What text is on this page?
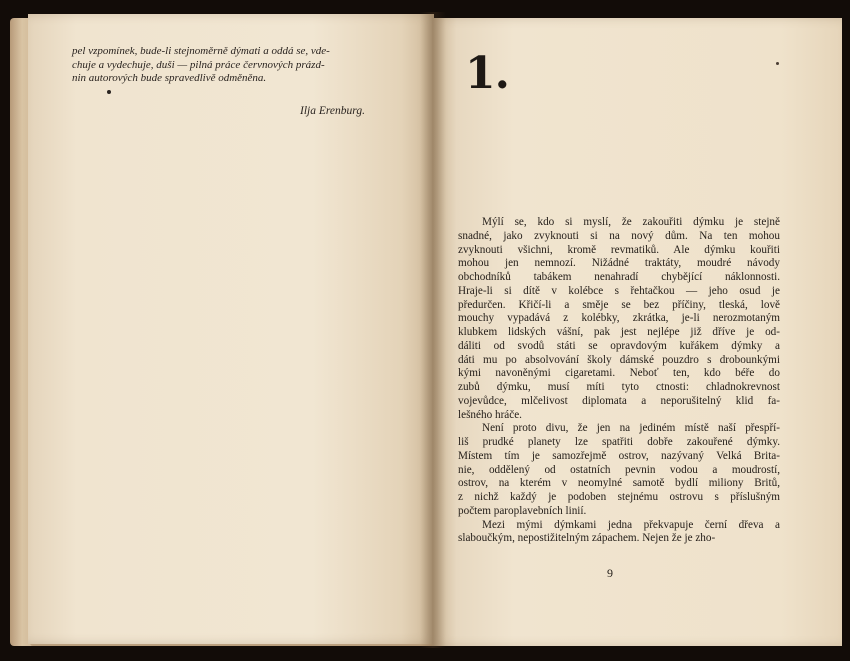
pel vzpomínek, bude-li stejnoměrně dýmati a oddá se, vde-
chuje a vydechuje, duši — pilná práce červnových prázd-
nin autorových bude spravedlivě odměněna.
Ilja Erenburg.
1.
Mýlí se, kdo si myslí, že zakouřiti dýmku je stejně
snadné, jako zvyknouti si na nový dům. Na ten mohou
zvyknouti všichni, kromě revmatiků. Ale dýmku kouřiti
mohou jen nemnozí. Nižádné traktáty, moudré návody
obchodníků tabákem nenahradí chybějící náklonnosti.
Hraje-li si dítě v kolébce s řehtačkou — jeho osud je
předurčen. Křičí-li a směje se bez příčiny, tleská, lově
mouchy vypadává z kolébky, zkrátka, je-li nerozmotaným
klubkem lidských vášní, pak jest nejlépe již dříve je od-
dáliti od svodů státi se opravdovým kuřákem dýmky a
dáti mu po absolvování školy dámské pouzdro s drobounkými
kými navoněnými cigaretami. Neboť ten, kdo béře do
zubů dýmku, musí míti tyto ctnosti: chladnokrevnost
vojevůdce, mlčelivost diplomata a neporušitelný klid fa-
lešného hráče.
Není proto divu, že jen na jediném místě naší přespří-
liš prudké planety lze spatřiti dobře zakouřené dýmky.
Místem tím je samozřejmě ostrov, nazývaný Velká Brita-
nie, oddělený od ostatních pevnin vodou a moudrostí,
ostrov, na kterém v neomylné samotě bydlí miliony Britů,
z nichž každý je podoben stejnému ostrovu s příslušným
počtem paroplavebních linií.
Mezi mými dýmkami jedna překvapuje černí dřeva a
slaboučkým, nepostižitelným zápachem. Nejen že je zho-
9
